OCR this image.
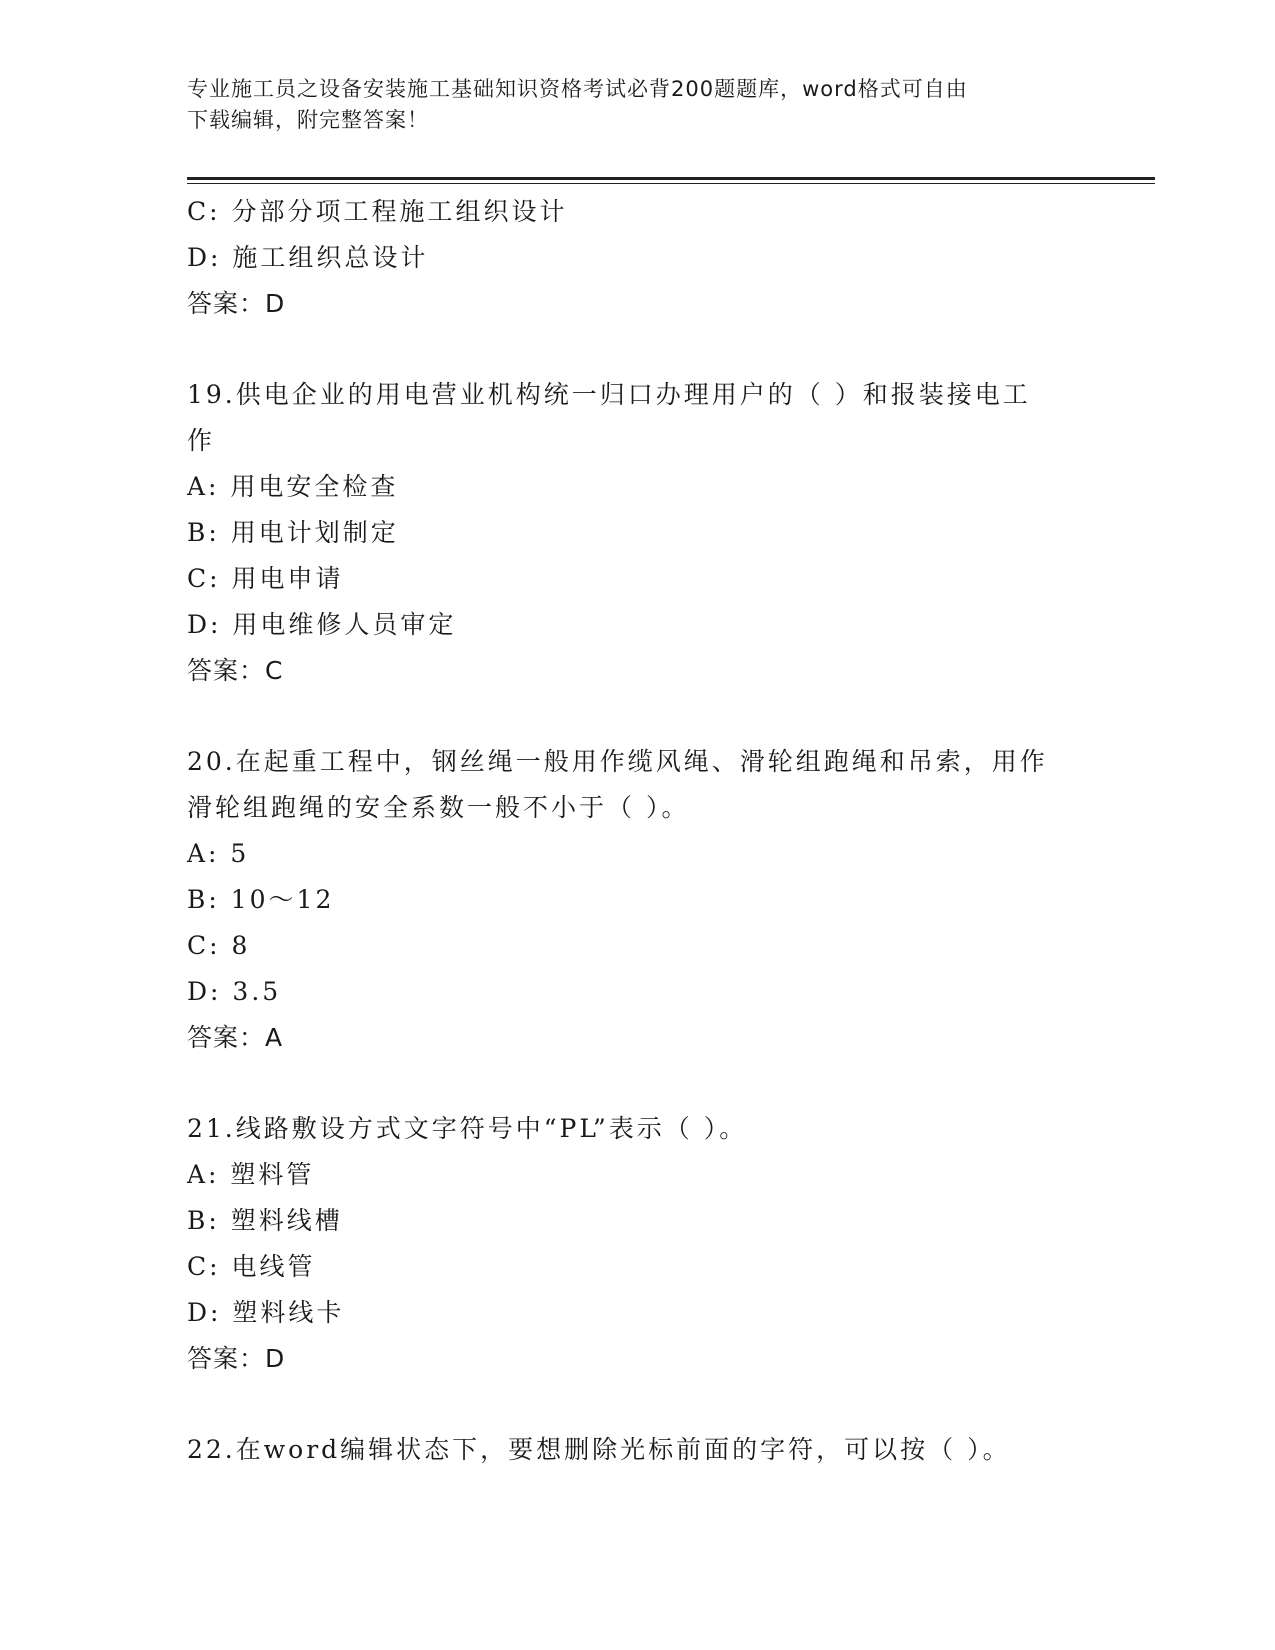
专业施工员之设备安装施工基础知识资格考试必背200题题库，word格式可自由
下载编辑，附完整答案！
C: 分部分项工程施工组织设计
D: 施工组织总设计
答案：D
19.供电企业的用电营业机构统一归口办理用户的（ ）和报装接电工
作
A: 用电安全检查
B: 用电计划制定
C: 用电申请
D: 用电维修人员审定
答案：C
20.在起重工程中，钢丝绳一般用作缆风绳、滑轮组跑绳和吊索，用作
滑轮组跑绳的安全系数一般不小于（ ）。
A: 5
B: 10～12
C: 8
D: 3.5
答案：A
21.线路敷设方式文字符号中“PL”表示（ ）。
A: 塑料管
B: 塑料线槽
C: 电线管
D: 塑料线卡
答案：D
22.在word编辑状态下，要想删除光标前面的字符，可以按（ ）。
